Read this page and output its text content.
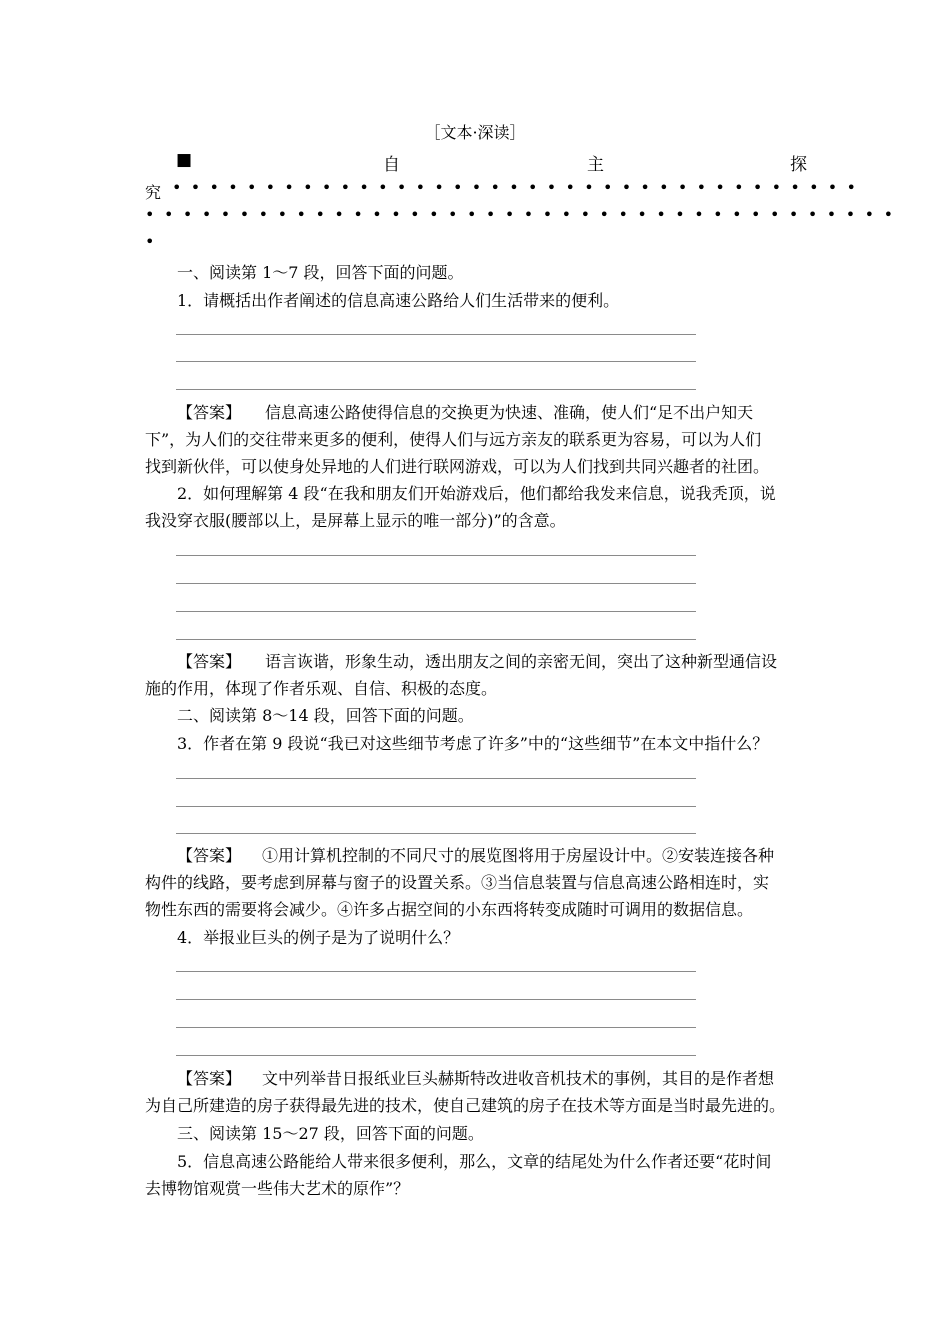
［文本·深读］
■	自	主	探
究 •••••••••••••••••••••••••••••••••••••
••••••••••••••••••••••••••••••••••••••••
•
一、阅读第 1～7 段，回答下面的问题。
1．请概括出作者阐述的信息高速公路给人们生活带来的便利。
【答案】 信息高速公路使得信息的交换更为快速、准确，使人们“足不出户知天
下”，为人们的交往带来更多的便利，使得人们与远方亲友的联系更为容易，可以为人们
找到新伙伴，可以使身处异地的人们进行联网游戏，可以为人们找到共同兴趣者的社团。
2．如何理解第 4 段“在我和朋友们开始游戏后，他们都给我发来信息，说我秃顶，说
我没穿衣服(腰部以上，是屏幕上显示的唯一部分)”的含意。
【答案】 语言诙谐，形象生动，透出朋友之间的亲密无间，突出了这种新型通信设
施的作用，体现了作者乐观、自信、积极的态度。
二、阅读第 8～14 段，回答下面的问题。
3．作者在第 9 段说“我已对这些细节考虑了许多”中的“这些细节”在本文中指什么？
【答案】 ①用计算机控制的不同尺寸的展览图将用于房屋设计中。②安装连接各种
构件的线路，要考虑到屏幕与窗子的设置关系。③当信息装置与信息高速公路相连时，实
物性东西的需要将会减少。④许多占据空间的小东西将转变成随时可调用的数据信息。
4．举报业巨头的例子是为了说明什么？
【答案】 文中列举昔日报纸业巨头赫斯特改进收音机技术的事例，其目的是作者想
为自己所建造的房子获得最先进的技术，使自己建筑的房子在技术等方面是当时最先进的。
三、阅读第 15～27 段，回答下面的问题。
5．信息高速公路能给人带来很多便利，那么，文章的结尾处为什么作者还要“花时间
去博物馆观赏一些伟大艺术的原作”？
